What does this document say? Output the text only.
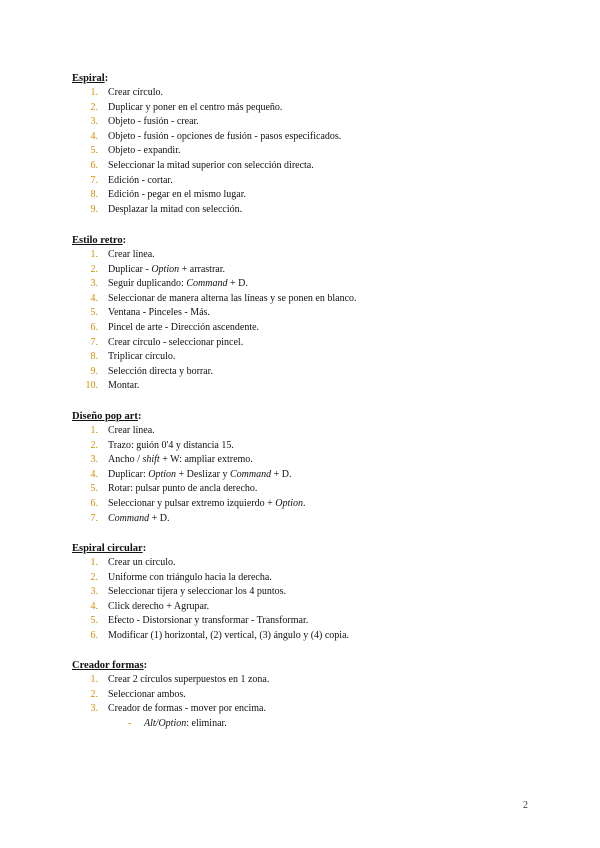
Espiral:
1. Crear círculo.
2. Duplicar y poner en el centro más pequeño.
3. Objeto - fusión - crear.
4. Objeto - fusión - opciones de fusión - pasos especificados.
5. Objeto - expandir.
6. Seleccionar la mitad superior con selección directa.
7. Edición - cortar.
8. Edición - pegar en el mismo lugar.
9. Desplazar la mitad con selección.
Estilo retro:
1. Crear línea.
2. Duplicar - Option + arrastrar.
3. Seguir duplicando: Command + D.
4. Seleccionar de manera alterna las líneas y se ponen en blanco.
5. Ventana - Pinceles - Más.
6. Pincel de arte - Dirección ascendente.
7. Crear círculo - seleccionar pincel.
8. Triplicar círculo.
9. Selección directa y borrar.
10. Montar.
Diseño pop art:
1. Crear línea.
2. Trazo: guión 0'4 y distancia 15.
3. Ancho / shift + W: ampliar extremo.
4. Duplicar: Option + Deslizar y Command + D.
5. Rotar: pulsar punto de ancla derecho.
6. Seleccionar y pulsar extremo izquierdo + Option.
7. Command + D.
Espiral circular:
1. Crear un círculo.
2. Uniforme con triángulo hacia la derecha.
3. Seleccionar tijera y seleccionar los 4 puntos.
4. Click derecho + Agrupar.
5. Efecto - Distorsionar y transformar - Transformar.
6. Modificar (1) horizontal, (2) vertical, (3) ángulo y (4) copia.
Creador formas:
1. Crear 2 círculos superpuestos en 1 zona.
2. Seleccionar ambos.
3. Creador de formas - mover por encima.
- Alt/Option: eliminar.
2
